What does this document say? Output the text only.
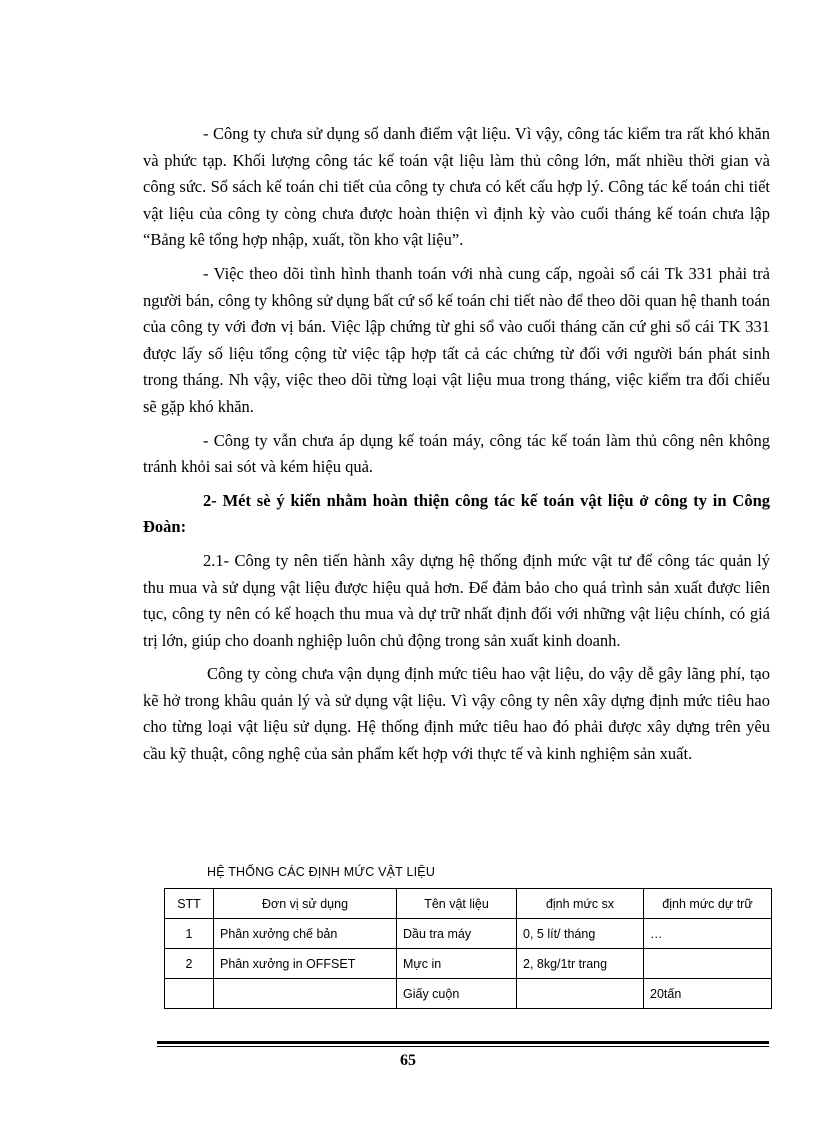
- Công ty chưa sử dụng sổ danh điểm vật liệu. Vì vậy, công tác kiểm tra rất khó khăn và phức tạp. Khối lượng công tác kế toán vật liệu làm thủ công lớn, mất nhiều thời gian và công sức. Sổ sách kế toán chi tiết của công ty chưa có kết cấu hợp lý. Công tác kế toán chi tiết vật liệu của công ty còng chưa được hoàn thiện vì định kỳ vào cuối tháng kế toán chưa lập “Bảng kê tổng hợp nhập, xuất, tồn kho vật liệu”.

- Việc theo dõi tình hình thanh toán với nhà cung cấp, ngoài sổ cái Tk 331 phải trả người bán, công ty không sử dụng bất cứ sổ kế toán chi tiết nào để theo dõi quan hệ thanh toán của công ty với đơn vị bán. Việc lập chứng từ ghi sổ vào cuối tháng căn cứ ghi sổ cái TK 331 được lấy số liệu tổng cộng từ việc tập hợp tất cả các chứng từ đối với người bán phát sinh trong tháng. Nh vậy, việc theo dõi từng loại vật liệu mua trong tháng, việc kiểm tra đối chiếu sẽ gặp khó khăn.

- Công ty vẫn chưa áp dụng kế toán máy, công tác kế toán làm thủ công nên không tránh khỏi sai sót và kém hiệu quả.

2- Mét sè ý kiến nhằm hoàn thiện công tác kế toán vật liệu ở công ty in Công Đoàn:

2.1- Công ty nên tiến hành xây dựng hệ thống định mức vật tư để công tác quản lý thu mua và sử dụng vật liệu được hiệu quả hơn. Để đảm bảo cho quá trình sản xuất được liên tục, công ty nên có kế hoạch thu mua và dự trữ nhất định đối với những vật liệu chính, có giá trị lớn, giúp cho doanh nghiệp luôn chủ động trong sản xuất kinh doanh.

Công ty còng chưa vận dụng định mức tiêu hao vật liệu, do vậy dễ gây lãng phí, tạo kẽ hở trong khâu quản lý và sử dụng vật liệu. Vì vậy công ty nên xây dựng định mức tiêu hao cho từng loại vật liệu sử dụng. Hệ thống định mức tiêu hao đó phải được xây dựng trên yêu cầu kỹ thuật, công nghệ của sản phẩm kết hợp với thực tế và kinh nghiệm sản xuất.

HỆ THỐNG CÁC ĐỊNH MỨC VẬT LIỆU
STT	Đơn vị sử dụng	Tên vật liệu	định mức sx	định mức dự trữ
1	Phân xưởng chế bản	Dầu tra máy	0, 5 lít/ tháng	…
2	Phân xưởng in OFFSET	Mực in	2, 8kg/1tr trang	
		Giấy cuộn		20tấn
65
